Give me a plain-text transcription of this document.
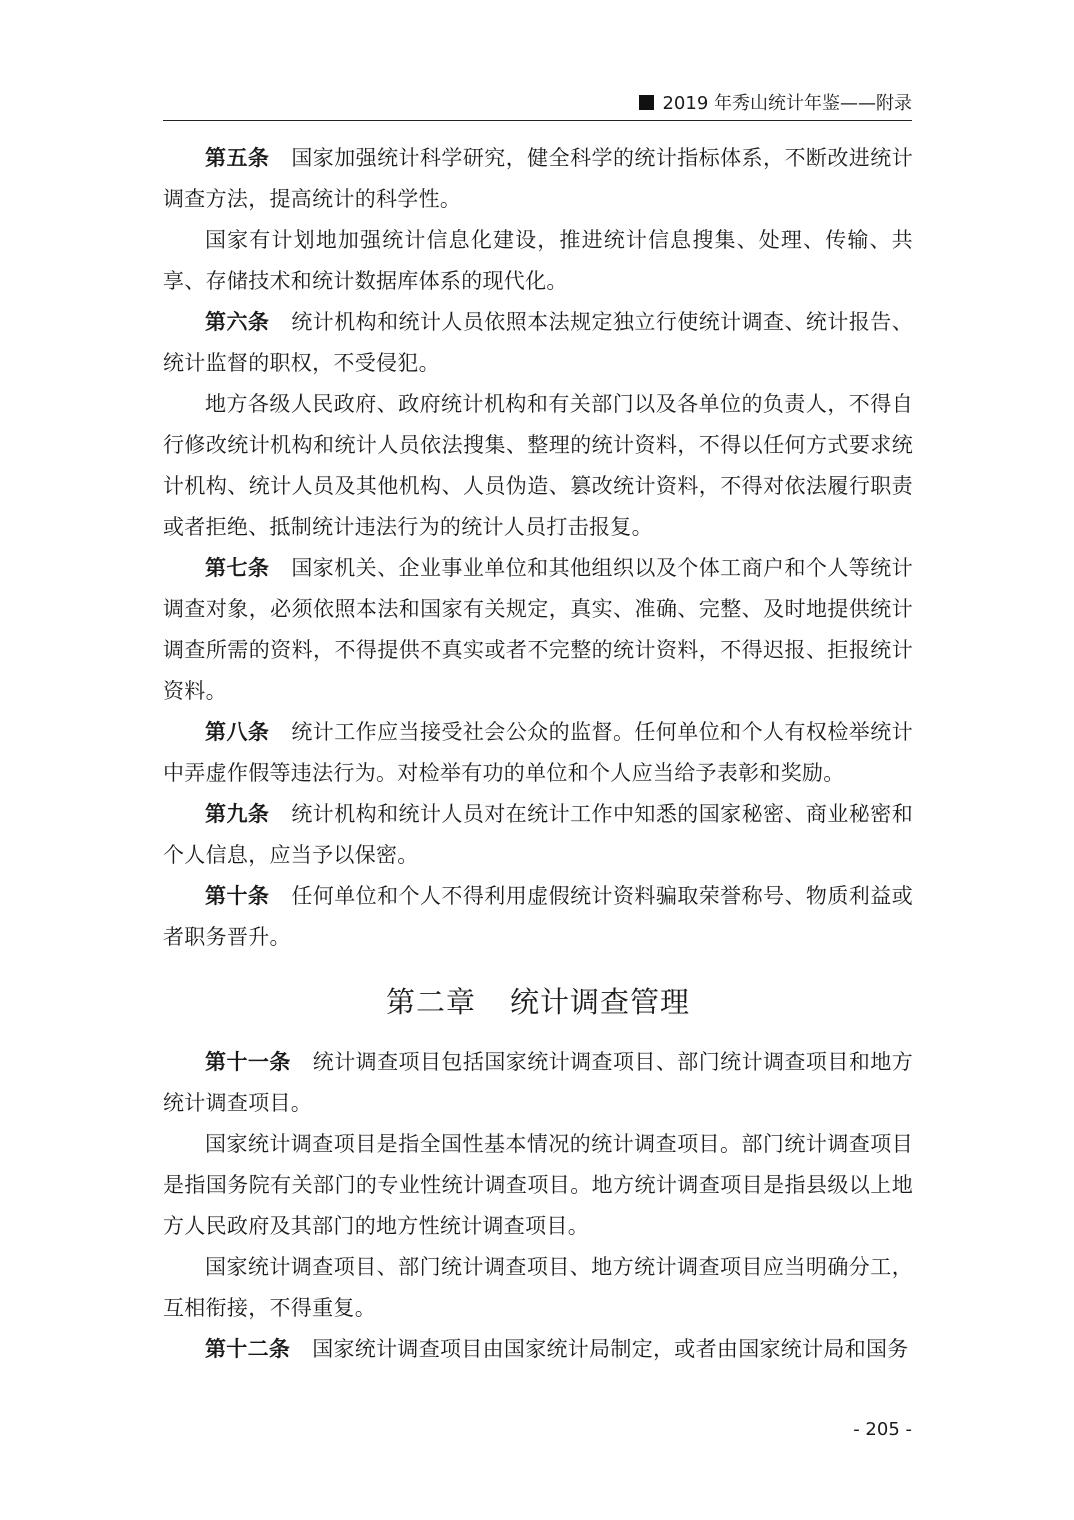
2019 年秀山统计年鉴——附录

第五条 国家加强统计科学研究，健全科学的统计指标体系，不断改进统计调查方法，提高统计的科学性。

国家有计划地加强统计信息化建设，推进统计信息搜集、处理、传输、共享、存储技术和统计数据库体系的现代化。

第六条 统计机构和统计人员依照本法规定独立行使统计调查、统计报告、统计监督的职权，不受侵犯。

地方各级人民政府、政府统计机构和有关部门以及各单位的负责人，不得自行修改统计机构和统计人员依法搜集、整理的统计资料，不得以任何方式要求统计机构、统计人员及其他机构、人员伪造、篡改统计资料，不得对依法履行职责或者拒绝、抵制统计违法行为的统计人员打击报复。

第七条 国家机关、企业事业单位和其他组织以及个体工商户和个人等统计调查对象，必须依照本法和国家有关规定，真实、准确、完整、及时地提供统计调查所需的资料，不得提供不真实或者不完整的统计资料，不得迟报、拒报统计资料。

第八条 统计工作应当接受社会公众的监督。任何单位和个人有权检举统计中弄虚作假等违法行为。对检举有功的单位和个人应当给予表彰和奖励。

第九条 统计机构和统计人员对在统计工作中知悉的国家秘密、商业秘密和个人信息，应当予以保密。

第十条 任何单位和个人不得利用虚假统计资料骗取荣誉称号、物质利益或者职务晋升。

第二章 统计调查管理

第十一条 统计调查项目包括国家统计调查项目、部门统计调查项目和地方统计调查项目。

国家统计调查项目是指全国性基本情况的统计调查项目。部门统计调查项目是指国务院有关部门的专业性统计调查项目。地方统计调查项目是指县级以上地方人民政府及其部门的地方性统计调查项目。

国家统计调查项目、部门统计调查项目、地方统计调查项目应当明确分工，互相衔接，不得重复。

第十二条 国家统计调查项目由国家统计局制定，或者由国家统计局和国务

- 205 -
